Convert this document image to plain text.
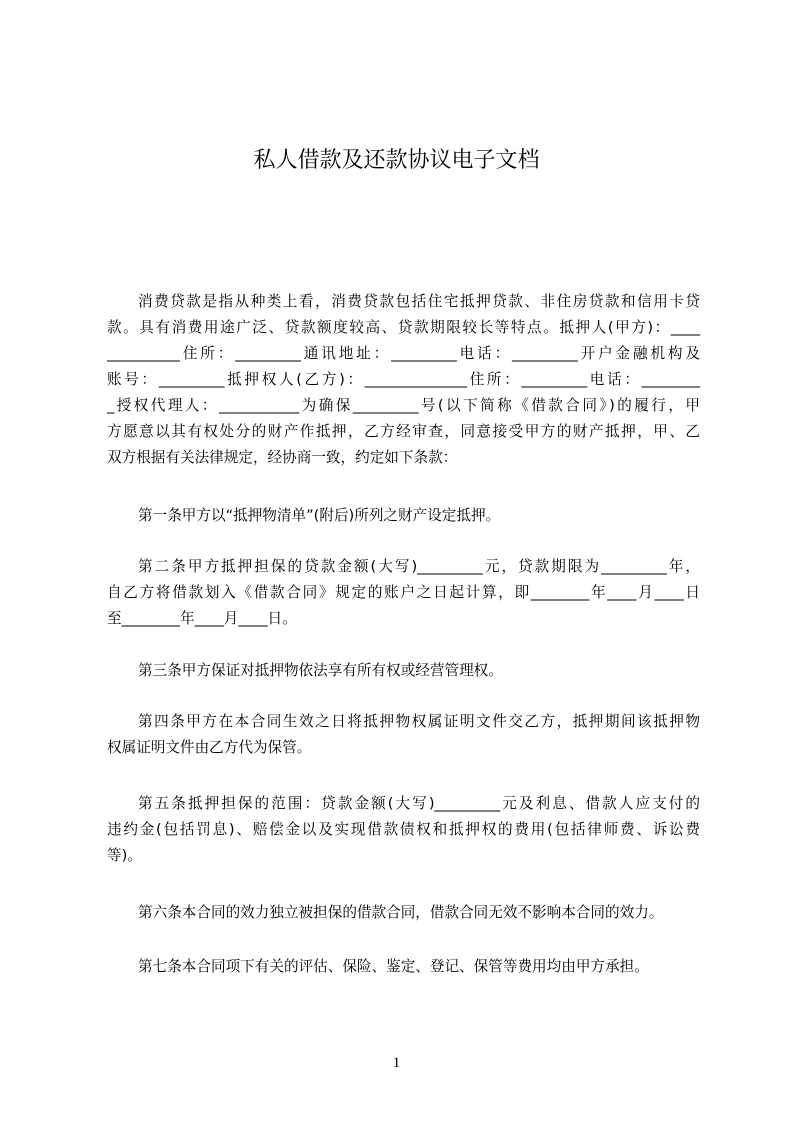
私人借款及还款协议电子文档
消费贷款是指从种类上看，消费贷款包括住宅抵押贷款、非住房贷款和信用卡贷
款。具有消费用途广泛、贷款额度较高、贷款期限较长等特点。抵押人(甲方)：____
__________住所：_________通讯地址：_________电话：_________开户金融机构及
账号：_________抵押权人(乙方)：______________住所：_________电话：________
_授权代理人：___________为确保_________号(以下简称《借款合同》)的履行，甲
方愿意以其有权处分的财产作抵押，乙方经审查，同意接受甲方的财产抵押，甲、乙
双方根据有关法律规定，经协商一致，约定如下条款：
第一条甲方以“抵押物清单”(附后)所列之财产设定抵押。
第二条甲方抵押担保的贷款金额(大写)_________元，贷款期限为_________年，
自乙方将借款划入《借款合同》规定的账户之日起计算，即________年____月____日
至________年____月____日。
第三条甲方保证对抵押物依法享有所有权或经营管理权。
第四条甲方在本合同生效之日将抵押物权属证明文件交乙方，抵押期间该抵押物
权属证明文件由乙方代为保管。
第五条抵押担保的范围：贷款金额(大写)_________元及利息、借款人应支付的
违约金(包括罚息)、赔偿金以及实现借款债权和抵押权的费用(包括律师费、诉讼费
等)。
第六条本合同的效力独立被担保的借款合同，借款合同无效不影响本合同的效力。
第七条本合同项下有关的评估、保险、鉴定、登记、保管等费用均由甲方承担。
1
